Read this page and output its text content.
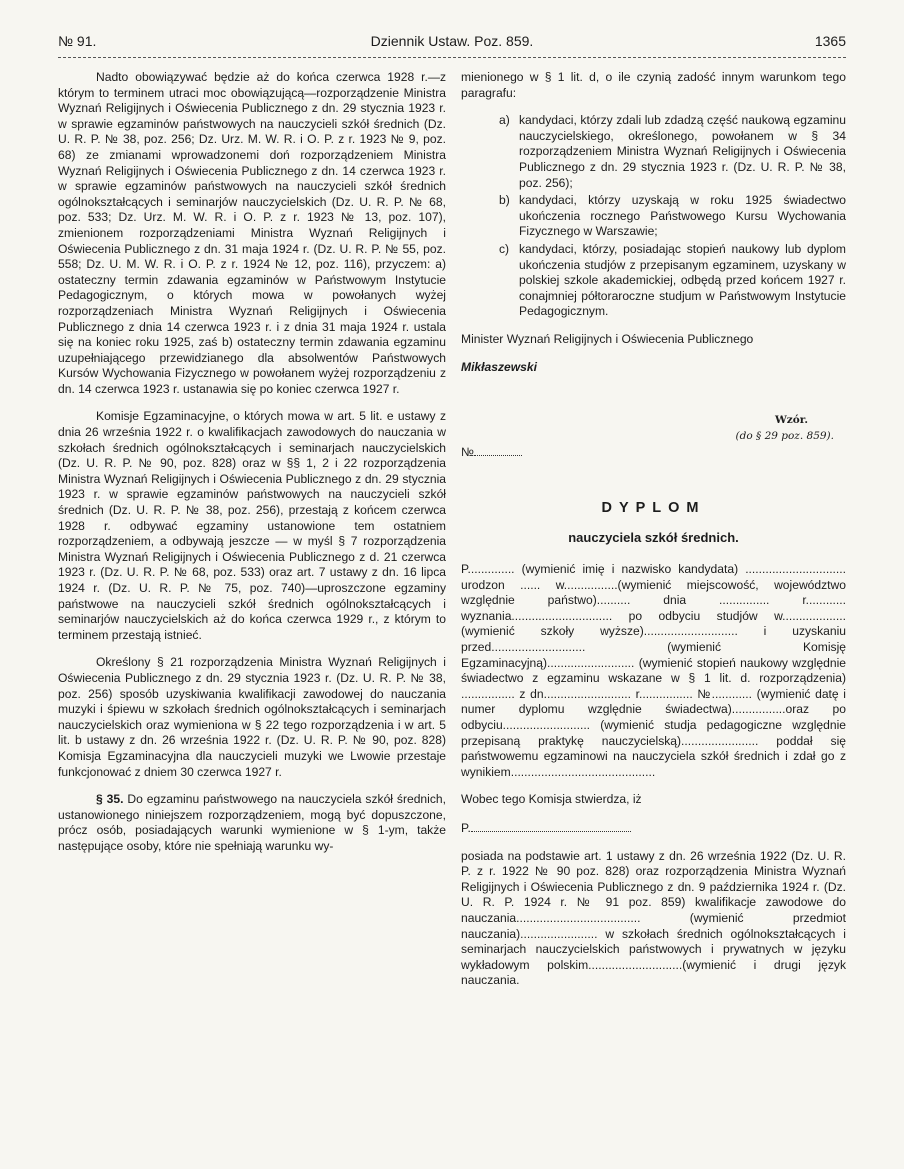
№ 91.	Dziennik Ustaw. Poz. 859.	1365

Nadto obowiązywać będzie aż do końca czerwca 1928 r.—z którym to terminem utraci moc obowiązującą—rozporządzenie Ministra Wyznań Religijnych i Oświecenia Publicznego z dn. 29 stycznia 1923 r. w sprawie egzaminów państwowych na nauczycieli szkół średnich (Dz. U. R. P. № 38, poz. 256; Dz. Urz. M. W. R. i O. P. z r. 1923 № 9, poz. 68) ze zmianami wprowadzonemi doń rozporządzeniem Ministra Wyznań Religijnych i Oświecenia Publicznego z dn. 14 czerwca 1923 r. w sprawie egzaminów państwowych na nauczycieli szkół średnich ogólnokształcących i seminarjów nauczycielskich (Dz. U. R. P. № 68, poz. 533; Dz. Urz. M. W. R. i O. P. z r. 1923 № 13, poz. 107), zmienionem rozporządzeniami Ministra Wyznań Religijnych i Oświecenia Publicznego z dn. 31 maja 1924 r. (Dz. U. R. P. № 55, poz. 558; Dz. U. M. W. R. i O. P. z r. 1924 № 12, poz. 116), przyczem: a) ostateczny termin zdawania egzaminów w Państwowym Instytucie Pedagogicznym, o których mowa w powołanych wyżej rozporządzeniach Ministra Wyznań Religijnych i Oświecenia Publicznego z dnia 14 czerwca 1923 r. i z dnia 31 maja 1924 r. ustala się na koniec roku 1925, zaś b) ostateczny termin zdawania egzaminu uzupełniającego przewidzianego dla absolwentów Państwowych Kursów Wychowania Fizycznego w powołanem wyżej rozporządzeniu z dn. 14 czerwca 1923 r. ustanawia się po koniec czerwca 1927 r.

Komisje Egzaminacyjne, o których mowa w art. 5 lit. e ustawy z dnia 26 września 1922 r. o kwalifikacjach zawodowych do nauczania w szkołach średnich ogólnokształcących i seminarjach nauczycielskich (Dz. U. R. P. № 90, poz. 828) oraz w §§ 1, 2 i 22 rozporządzenia Ministra Wyznań Religijnych i Oświecenia Publicznego z dn. 29 stycznia 1923 r. w sprawie egzaminów państwowych na nauczycieli szkół średnich (Dz. U. R. P. № 38, poz. 256), przestają z końcem czerwca 1928 r. odbywać egzaminy ustanowione tem ostatniem rozporządzeniem, a odbywają jeszcze — w myśl § 7 rozporządzenia Ministra Wyznań Religijnych i Oświecenia Publicznego z d. 21 czerwca 1923 r. (Dz. U. R. P. № 68, poz. 533) oraz art. 7 ustawy z dn. 16 lipca 1924 r. (Dz. U. R. P. № 75, poz. 740)—uproszczone egzaminy państwowe na nauczycieli szkół średnich ogólnokształcących i seminarjów nauczycielskich aż do końca czerwca 1929 r., z którym to terminem przestają istnieć.

Określony § 21 rozporządzenia Ministra Wyznań Religijnych i Oświecenia Publicznego z dn. 29 stycznia 1923 r. (Dz. U. R. P. № 38, poz. 256) sposób uzyskiwania kwalifikacji zawodowej do nauczania muzyki i śpiewu w szkołach średnich ogólnokształcących i seminarjach nauczycielskich oraz wymieniona w § 22 tego rozporządzenia i w art. 5 lit. b ustawy z dn. 26 września 1922 r. (Dz. U. R. P. № 90, poz. 828) Komisja Egzaminacyjna dla nauczycieli muzyki we Lwowie przestaje funkcjonować z dniem 30 czerwca 1927 r.

§ 35. Do egzaminu państwowego na nauczyciela szkół średnich, ustanowionego niniejszem rozporządzeniem, mogą być dopuszczone, prócz osób, posiadających warunki wymienione w § 1-ym, także następujące osoby, które nie spełniają warunku wy-

mienionego w § 1 lit. d, o ile czynią zadość innym warunkom tego paragrafu:

a) kandydaci, którzy zdali lub zdadzą część naukową egzaminu nauczycielskiego, określonego, powołanem w § 34 rozporządzeniem Ministra Wyznań Religijnych i Oświecenia Publicznego z dn. 29 stycznia 1923 r. (Dz. U. R. P. № 38, poz. 256);
b) kandydaci, którzy uzyskają w roku 1925 świadectwo ukończenia rocznego Państwowego Kursu Wychowania Fizycznego w Warszawie;
c) kandydaci, którzy, posiadając stopień naukowy lub dyplom ukończenia studjów z przepisanym egzaminem, uzyskany w polskiej szkole akademickiej, odbędą przed końcem 1927 r. conajmniej półtoraroczne studjum w Państwowym Instytucie Pedagogicznym.

Minister Wyznań Religijnych i Oświecenia Publicznego

Mikłaszewski

Wzór.
(do § 29 poz. 859).

№

DYPLOM
nauczyciela szkół średnich.

P.............. (wymienić imię i nazwisko kandydata) .............................. urodzon ...... w................(wymienić miejscowość, województwo względnie państwo).......... dnia ............... r............ wyznania.............................. po odbyciu studjów w...................(wymienić szkoły wyższe)............................ i uzyskaniu przed............................ (wymienić Komisję Egzaminacyjną).......................... (wymienić stopień naukowy względnie świadectwo z egzaminu wskazane w § 1 lit. d. rozporządzenia) ................ z dn.......................... r................ №............ (wymienić datę i numer dyplomu względnie świadectwa)................oraz po odbyciu.......................... (wymienić studja pedagogiczne względnie przepisaną praktykę nauczycielską)....................... poddał się państwowemu egzaminowi na nauczyciela szkół średnich i zdał go z wynikiem...........................................

Wobec tego Komisja stwierdza, iż

P.

posiada na podstawie art. 1 ustawy z dn. 26 września 1922 (Dz. U. R. P. z r. 1922 № 90 poz. 828) oraz rozporządzenia Ministra Wyznań Religijnych i Oświecenia Publicznego z dn. 9 października 1924 r. (Dz. U. R. P. 1924 r. № 91 poz. 859) kwalifikacje zawodowe do nauczania..................................... (wymienić przedmiot nauczania)....................... w szkołach średnich ogólnokształcących i seminarjach nauczycielskich państwowych i prywatnych w języku wykładowym polskim............................(wymienić i drugi język nauczania.
